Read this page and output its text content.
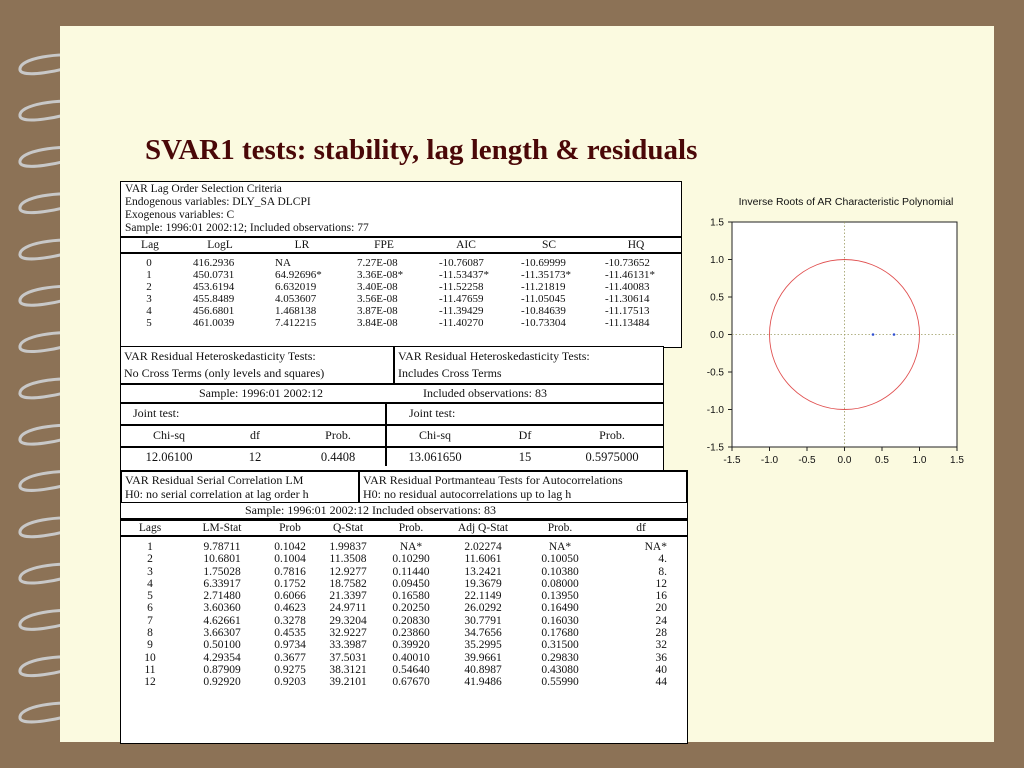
SVAR1 tests: stability, lag length & residuals
VAR Lag Order Selection Criteria
Endogenous variables: DLY_SA DLCPI
Exogenous variables: C
Sample: 1996:01 2002:12; Included observations: 77
Lag	LogL	LR	FPE	AIC	SC	HQ

0	416.2936	NA	7.27E-08	-10.76087	-10.69999	-10.73652
1	450.0731	64.92696*	3.36E-08*	-11.53437*	-11.35173*	-11.46131*
2	453.6194	6.632019	3.40E-08	-11.52258	-11.21819	-11.40083
3	455.8489	4.053607	3.56E-08	-11.47659	-11.05045	-11.30614
4	456.6801	1.468138	3.87E-08	-11.39429	-10.84639	-11.17513
5	461.0039	7.412215	3.84E-08	-11.40270	-10.73304	-11.13484
VAR Residual Heteroskedasticity Tests:
No Cross Terms (only levels and squares)
VAR Residual Heteroskedasticity Tests:
Includes Cross Terms
Sample: 1996:01 2002:12	Included observations: 83
Joint test:	Joint test:
Chi-sq	df	Prob.	Chi-sq	Df	Prob.
12.06100	12	0.4408	13.061650	15	0.5975000
VAR Residual Serial Correlation LM
H0: no serial correlation at lag order h
VAR Residual Portmanteau Tests for Autocorrelations
H0: no residual autocorrelations up to lag h
Sample: 1996:01 2002:12 Included observations: 83
Lags	LM-Stat	Prob	Q-Stat	Prob.	Adj Q-Stat	Prob.	df

1	9.78711	0.1042	1.99837	NA*	2.02274	NA*	NA*
2	10.6801	0.1004	11.3508	0.10290	11.6061	0.10050	4.
3	1.75028	0.7816	12.9277	0.11440	13.2421	0.10380	8.
4	6.33917	0.1752	18.7582	0.09450	19.3679	0.08000	12
5	2.71480	0.6066	21.3397	0.16580	22.1149	0.13950	16
6	3.60360	0.4623	24.9711	0.20250	26.0292	0.16490	20
7	4.62661	0.3278	29.3204	0.20830	30.7791	0.16030	24
8	3.66307	0.4535	32.9227	0.23860	34.7656	0.17680	28
9	0.50100	0.9734	33.3987	0.39920	35.2995	0.31500	32
10	4.29354	0.3677	37.5031	0.40010	39.9661	0.29830	36
11	0.87909	0.9275	38.3121	0.54640	40.8987	0.43080	40
12	0.92920	0.9203	39.2101	0.67670	41.9486	0.55990	44
Inverse Roots of AR Characteristic Polynomial
-1.5 -1.0 -0.5 0.0 0.5 1.0 1.5
1.5
1.0
0.5
0.0
-0.5
-1.0
-1.5
